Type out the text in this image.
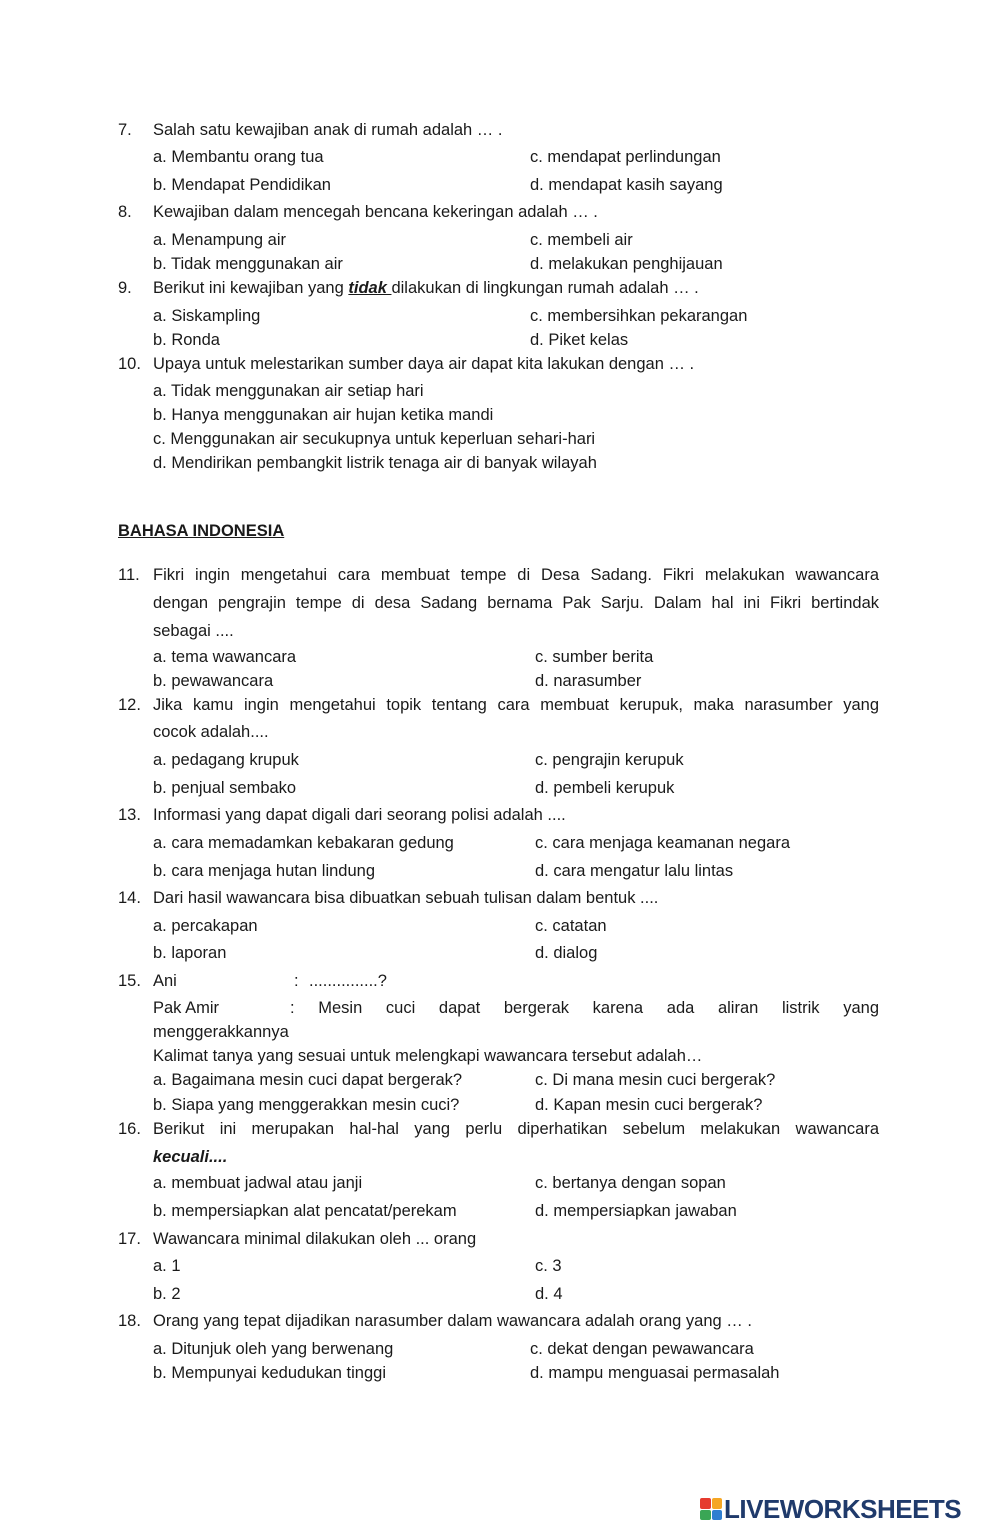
7. Salah satu kewajiban anak di rumah adalah … .
a. Membantu orang tua	c. mendapat perlindungan
b. Mendapat Pendidikan	d. mendapat kasih sayang
8. Kewajiban dalam mencegah bencana kekeringan adalah … .
a. Menampung air	c. membeli air
b. Tidak menggunakan air	d. melakukan penghijauan
9. Berikut ini kewajiban yang tidak dilakukan di lingkungan rumah adalah … .
a. Siskampling	c. membersihkan pekarangan
b. Ronda	d. Piket kelas
10. Upaya untuk melestarikan sumber daya air dapat kita lakukan dengan … .
a. Tidak menggunakan air setiap hari
b. Hanya menggunakan air hujan ketika mandi
c. Menggunakan air secukupnya untuk keperluan sehari-hari
d. Mendirikan pembangkit listrik tenaga air di banyak wilayah
BAHASA INDONESIA
11. Fikri ingin mengetahui cara membuat tempe di Desa Sadang. Fikri melakukan wawancara
dengan pengrajin tempe di desa Sadang bernama Pak Sarju. Dalam hal ini Fikri bertindak
sebagai ....
a. tema wawancara	c. sumber berita
b. pewawancara	d. narasumber
12. Jika kamu ingin mengetahui topik tentang cara membuat kerupuk, maka narasumber yang
cocok adalah....
a. pedagang krupuk	c. pengrajin kerupuk
b. penjual sembako	d. pembeli kerupuk
13. Informasi yang dapat digali dari seorang polisi adalah ....
a. cara memadamkan kebakaran gedung	c. cara menjaga keamanan negara
b. cara menjaga hutan lindung	d. cara mengatur lalu lintas
14. Dari hasil wawancara bisa dibuatkan sebuah tulisan dalam bentuk ....
a. percakapan	c. catatan
b. laporan	d. dialog
15. Ani	: ...............?
Pak Amir	: Mesin cuci dapat bergerak karena ada aliran listrik yang
menggerakkannya
Kalimat tanya yang sesuai untuk melengkapi wawancara tersebut adalah…
a. Bagaimana mesin cuci dapat bergerak?	c. Di mana mesin cuci bergerak?
b. Siapa yang menggerakkan mesin cuci?	d. Kapan mesin cuci bergerak?
16. Berikut ini merupakan hal-hal yang perlu diperhatikan sebelum melakukan wawancara
kecuali....
a. membuat jadwal atau janji	c. bertanya dengan sopan
b. mempersiapkan alat pencatat/perekam	d. mempersiapkan jawaban
17. Wawancara minimal dilakukan oleh ... orang
a. 1	c. 3
b. 2	d. 4
18. Orang yang tepat dijadikan narasumber dalam wawancara adalah orang yang … .
a. Ditunjuk oleh yang berwenang	c. dekat dengan pewawancara
b. Mempunyai kedudukan tinggi	d. mampu menguasai permasalah
LIVEWORKSHEETS
